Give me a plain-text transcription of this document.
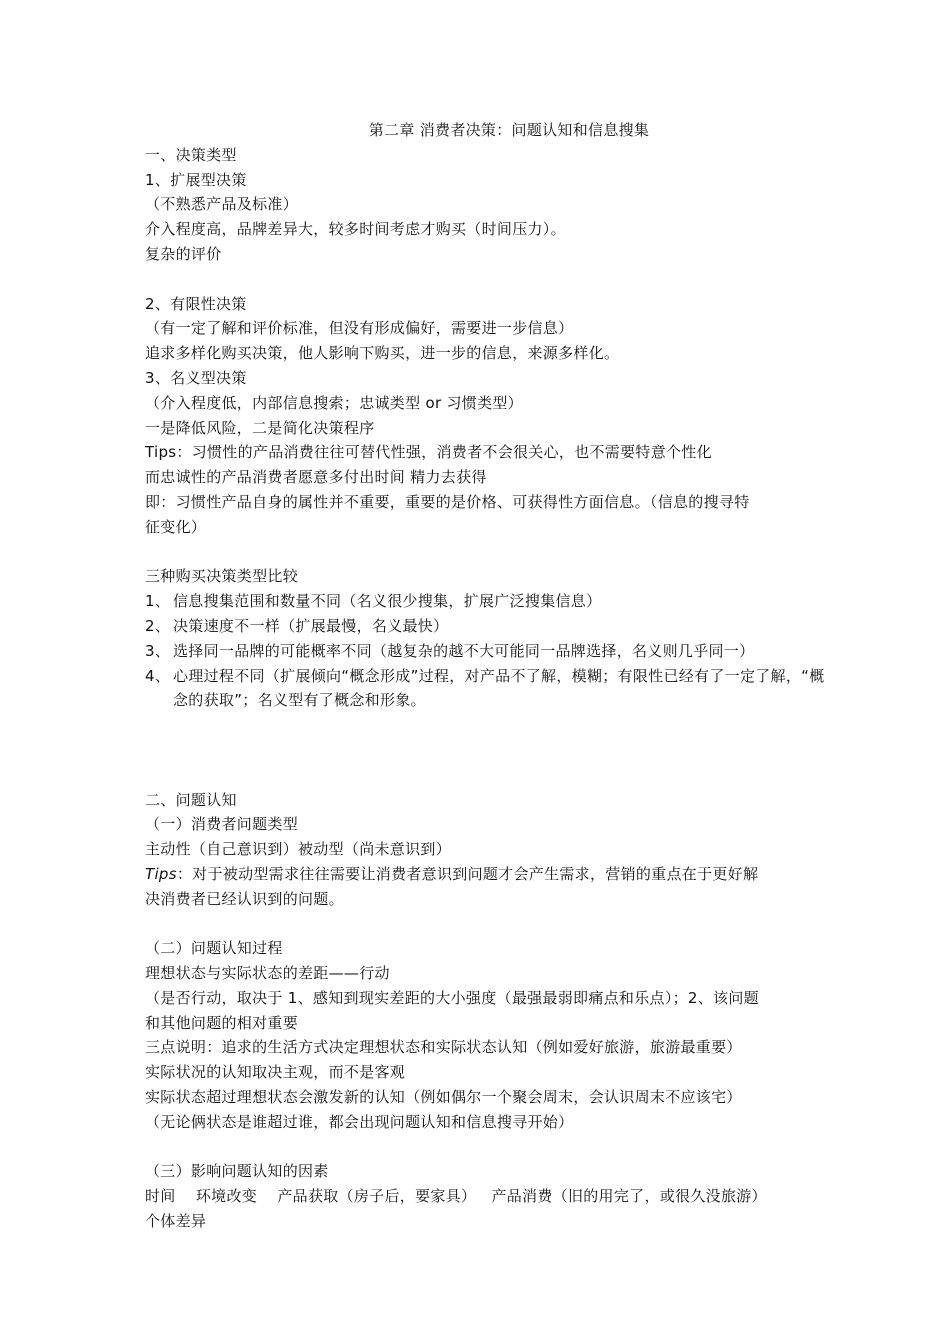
第二章 消费者决策：问题认知和信息搜集
一、决策类型
1、扩展型决策
（不熟悉产品及标准）
介入程度高，品牌差异大，较多时间考虑才购买（时间压力）。
复杂的评价
2、有限性决策
（有一定了解和评价标准，但没有形成偏好，需要进一步信息）
追求多样化购买决策，他人影响下购买，进一步的信息，来源多样化。
3、名义型决策
（介入程度低，内部信息搜索；忠诚类型 or 习惯类型）
一是降低风险，二是简化决策程序
Tips：习惯性的产品消费往往可替代性强，消费者不会很关心，也不需要特意个性化
而忠诚性的产品消费者愿意多付出时间 精力去获得
即：习惯性产品自身的属性并不重要，重要的是价格、可获得性方面信息。（信息的搜寻特
征变化）
三种购买决策类型比较
1、 信息搜集范围和数量不同（名义很少搜集，扩展广泛搜集信息）
2、 决策速度不一样（扩展最慢，名义最快）
3、 选择同一品牌的可能概率不同（越复杂的越不大可能同一品牌选择，名义则几乎同一）
4、 心理过程不同（扩展倾向“概念形成”过程，对产品不了解，模糊；有限性已经有了一定了解，“概念的获取”；名义型有了概念和形象。
二、问题认知
（一）消费者问题类型
主动性（自己意识到）被动型（尚未意识到）
Tips：对于被动型需求往往需要让消费者意识到问题才会产生需求，营销的重点在于更好解
决消费者已经认识到的问题。
（二）问题认知过程
理想状态与实际状态的差距——行动
（是否行动，取决于 1、感知到现实差距的大小强度（最强最弱即痛点和乐点）；2、该问题
和其他问题的相对重要
三点说明：追求的生活方式决定理想状态和实际状态认知（例如爱好旅游，旅游最重要）
实际状况的认知取决主观，而不是客观
实际状态超过理想状态会激发新的认知（例如偶尔一个聚会周末，会认识周末不应该宅）
（无论俩状态是谁超过谁，都会出现问题认知和信息搜寻开始）
（三）影响问题认知的因素
时间    环境改变    产品获取（房子后，要家具）   产品消费（旧的用完了，或很久没旅游）
个体差异
